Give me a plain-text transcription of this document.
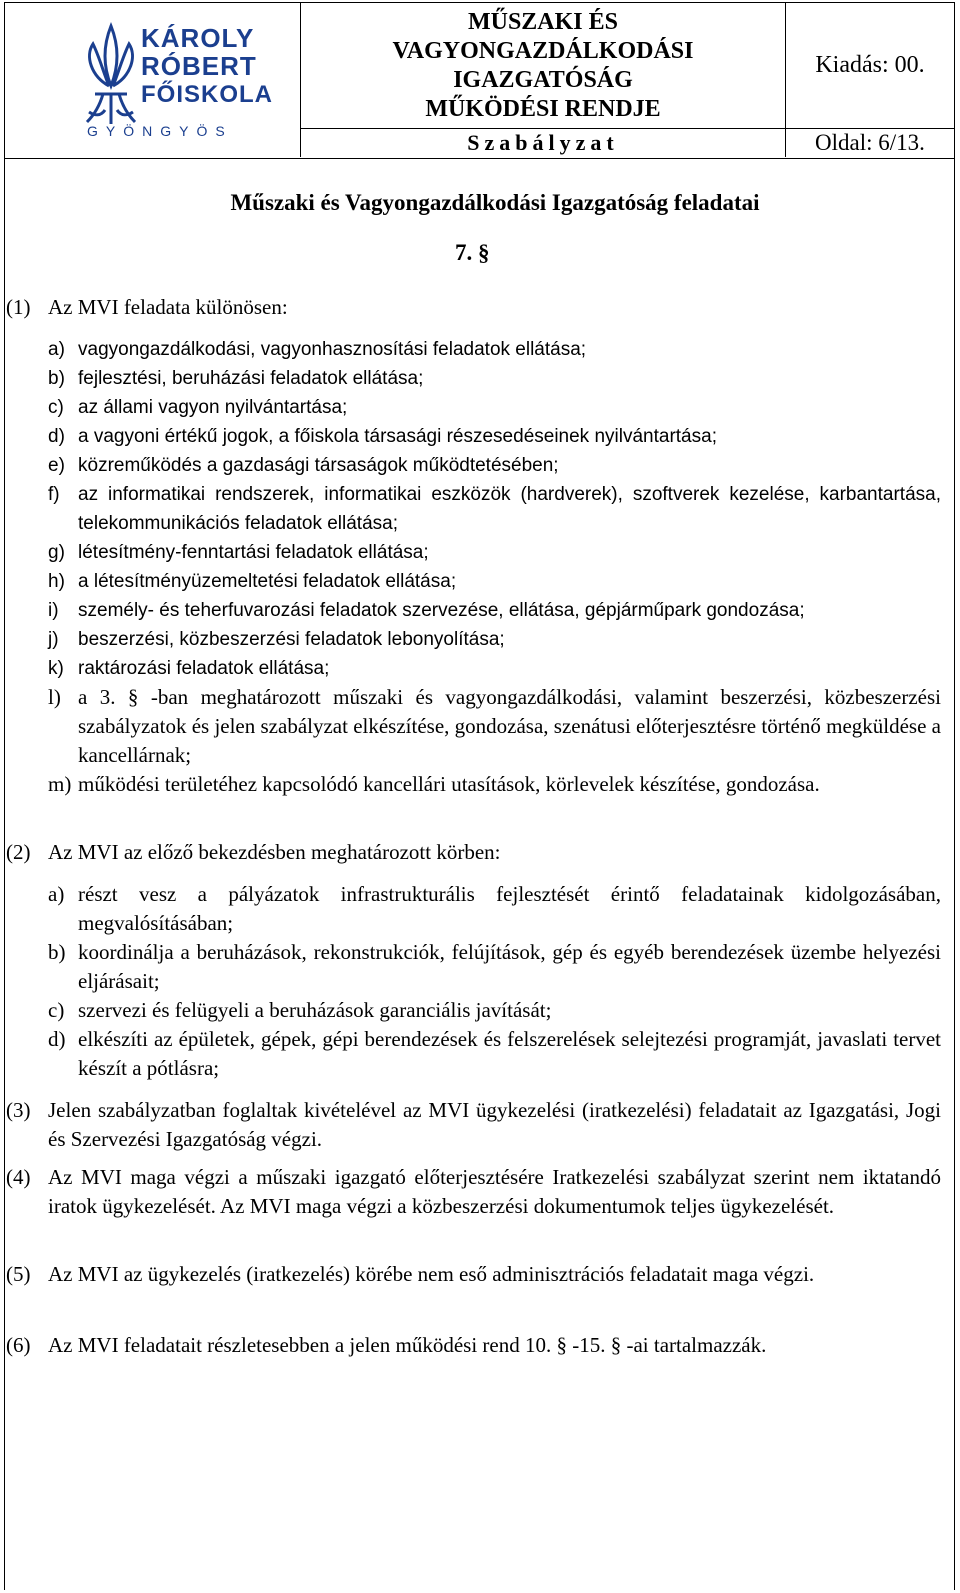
KÁROLY
RÓBERT
FŐISKOLA
GYÖNGYÖS
MŰSZAKI ÉS
VAGYONGAZDÁLKODÁSI
IGAZGATÓSÁG
MŰKÖDÉSI RENDJE
Kiadás: 00.
Szabályzat	Oldal: 6/13.
Műszaki és Vagyongazdálkodási Igazgatóság feladatai
7. §
(1) Az MVI feladata különösen:
a) vagyongazdálkodási, vagyonhasznosítási feladatok ellátása;
b) fejlesztési, beruházási feladatok ellátása;
c) az állami vagyon nyilvántartása;
d) a vagyoni értékű jogok, a főiskola társasági részesedéseinek nyilvántartása;
e) közreműködés a gazdasági társaságok működtetésében;
f) az informatikai rendszerek, informatikai eszközök (hardverek), szoftverek kezelése, karbantartása, telekommunikációs feladatok ellátása;
g) létesítmény-fenntartási feladatok ellátása;
h) a létesítményüzemeltetési feladatok ellátása;
i) személy- és teherfuvarozási feladatok szervezése, ellátása, gépjárműpark gondozása;
j) beszerzési, közbeszerzési feladatok lebonyolítása;
k) raktározási feladatok ellátása;
l) a 3. § -ban meghatározott műszaki és vagyongazdálkodási, valamint beszerzési, közbeszerzési szabályzatok és jelen szabályzat elkészítése, gondozása, szenátusi előterjesztésre történő megküldése a kancellárnak;
m) működési területéhez kapcsolódó kancellári utasítások, körlevelek készítése, gondozása.
(2) Az MVI az előző bekezdésben meghatározott körben:
a) részt vesz a pályázatok infrastrukturális fejlesztését érintő feladatainak kidolgozásában, megvalósításában;
b) koordinálja a beruházások, rekonstrukciók, felújítások, gép és egyéb berendezések üzembe helyezési eljárásait;
c) szervezi és felügyeli a beruházások garanciális javítását;
d) elkészíti az épületek, gépek, gépi berendezések és felszerelések selejtezési programját, javaslati tervet készít a pótlásra;
(3) Jelen szabályzatban foglaltak kivételével az MVI ügykezelési (iratkezelési) feladatait az Igazgatási, Jogi és Szervezési Igazgatóság végzi.
(4) Az MVI maga végzi a műszaki igazgató előterjesztésére Iratkezelési szabályzat szerint nem iktatandó iratok ügykezelését. Az MVI maga végzi a közbeszerzési dokumentumok teljes ügykezelését.
(5) Az MVI az ügykezelés (iratkezelés) körébe nem eső adminisztrációs feladatait maga végzi.
(6) Az MVI feladatait részletesebben a jelen működési rend 10. § -15. § -ai tartalmazzák.
